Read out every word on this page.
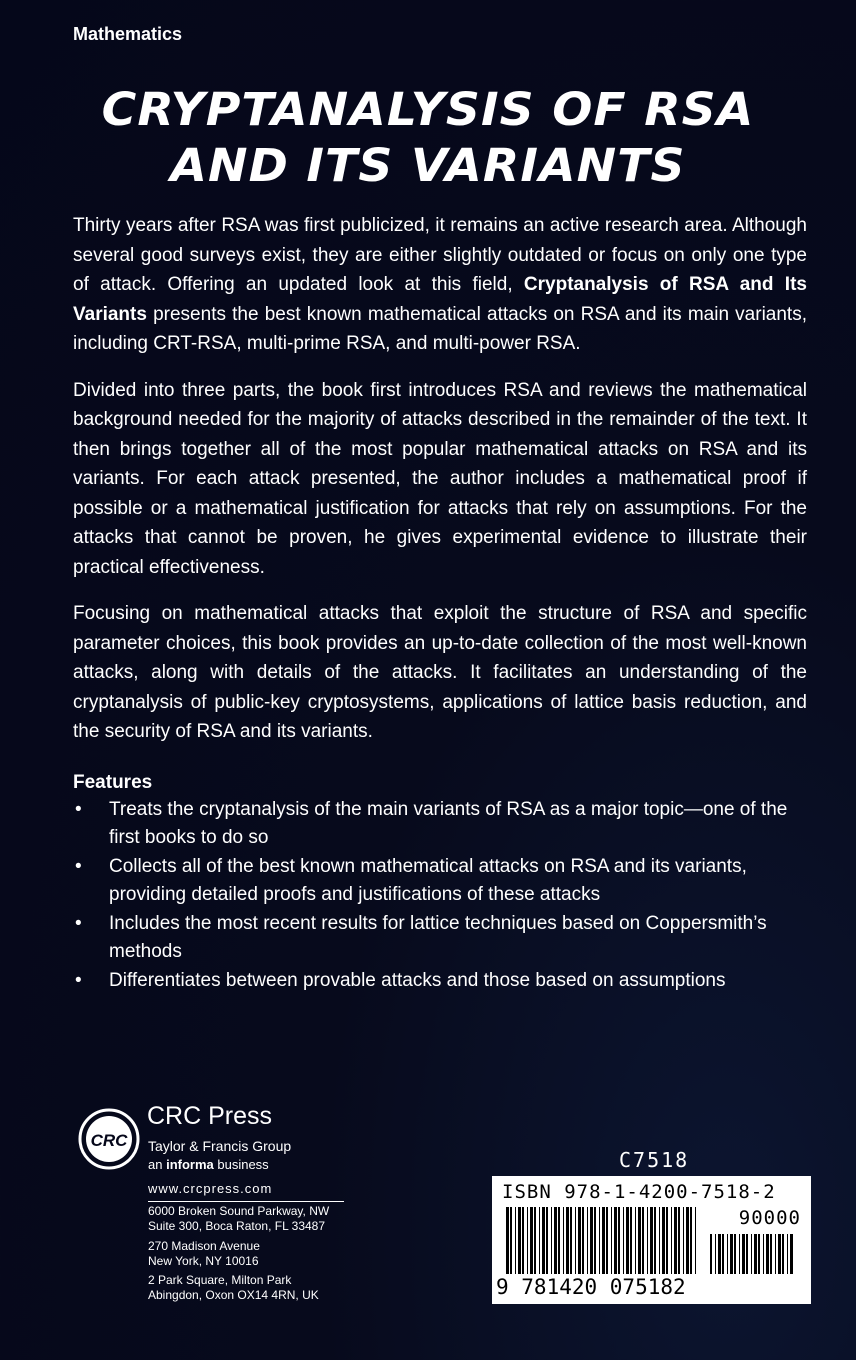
Mathematics
CRYPTANALYSIS OF RSA
AND ITS VARIANTS

Thirty years after RSA was first publicized, it remains an active research area. Although several good surveys exist, they are either slightly outdated or focus on only one type of attack. Offering an updated look at this field, Cryptanalysis of RSA and Its Variants presents the best known mathematical attacks on RSA and its main variants, including CRT-RSA, multi-prime RSA, and multi-power RSA.

Divided into three parts, the book first introduces RSA and reviews the mathematical background needed for the majority of attacks described in the remainder of the text. It then brings together all of the most popular mathematical attacks on RSA and its variants. For each attack presented, the author includes a mathematical proof if possible or a mathematical justification for attacks that rely on assumptions. For the attacks that cannot be proven, he gives experimental evidence to illustrate their practical effectiveness.

Focusing on mathematical attacks that exploit the structure of RSA and specific parameter choices, this book provides an up-to-date collection of the most well-known attacks, along with details of the attacks. It facilitates an understanding of the cryptanalysis of public-key cryptosystems, applications of lattice basis reduction, and the security of RSA and its variants.

Features
• Treats the cryptanalysis of the main variants of RSA as a major topic—one of the first books to do so
• Collects all of the best known mathematical attacks on RSA and its variants, providing detailed proofs and justifications of these attacks
• Includes the most recent results for lattice techniques based on Coppersmith’s methods
• Differentiates between provable attacks and those based on assumptions
CRC
CRC Press
Taylor & Francis Group
an informa business
www.crcpress.com
6000 Broken Sound Parkway, NW
Suite 300, Boca Raton, FL 33487
270 Madison Avenue
New York, NY 10016
2 Park Square, Milton Park
Abingdon, Oxon OX14 4RN, UK
C7518
ISBN 978-1-4200-7518-2
90000
9 781420 075182
